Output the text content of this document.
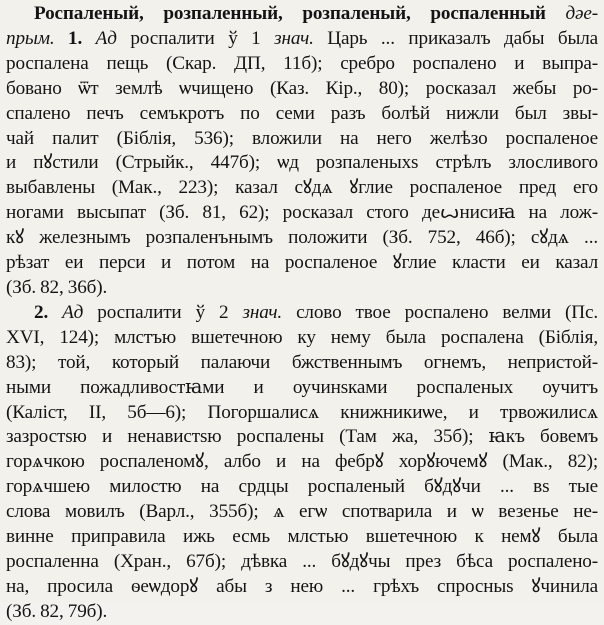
Роспаленый, розпаленный, розпаленый, роспаленный дəе-
прым. 1. Ад роспалити ў 1 знач. Царь ... приказалъ дабы была
роспалена пещь (Скар. ДП, 11б); сребро роспалено и выпра-
бовано ѿт землѣ ѡчищено (Каз. Кір., 80); росказал жебы ро-
спалено печъ семъкротъ по семи разъ болѣй нижли был звы-
чай палит (Біблія, 536); вложили на него желѣзо роспаленое
и пꙋстили (Стрыйк., 447б); ѡд розпаленыхѕ стрѣлъ злосливого
выбавлены (Мак., 223); казал сꙋдѧ ꙋглие роспаленое пред его
ногами высыпат (Зб. 81, 62); росказал стого деꙍнисиꙗ на лож-
кꙋ железнымъ розпаленънымъ положити (Зб. 752, 46б); сꙋдѧ ...
рѣзат еи перси и потом на роспаленое ꙋглие класти еи казал
(Зб. 82, 36б).

2. Ад роспалити ў 2 знач. слово твое роспалено велми (Пс.
XVI, 124); млстъю вшетечною ку нему была роспалена (Біблія,
83); той, который палаючи бжственнымъ огнемъ, непристой-
ными пожадливостꙗми и оучинѕками роспаленых оучитъ
(Каліст, II, 5б—6); Погоршалисѧ книжникиѡе, и трвожилисѧ
зазростѕю и ненавистѕю роспалены (Там жа, 35б); ꙗкъ бовемъ
горѧчкою роспаленомꙋ, албо и на фебрꙋ хорꙋючемꙋ (Мак., 82);
горѧчшею милостю на срдцы роспаленый бꙋдꙋчи ... вѕ тые
слова мовилъ (Варл., 355б); ѧ егѡ спотварила и ѡ везенье не-
винне приправила ижь есмь млстью вшетечною к немꙋ была
роспаленна (Хран., 67б); дѣвка ... бꙋдꙋчы през бѣса роспалено-
на, просила ѳеѡдорꙋ абы з нею ... грѣхъ спросныѕ ꙋчинила
(Зб. 82, 79б).
